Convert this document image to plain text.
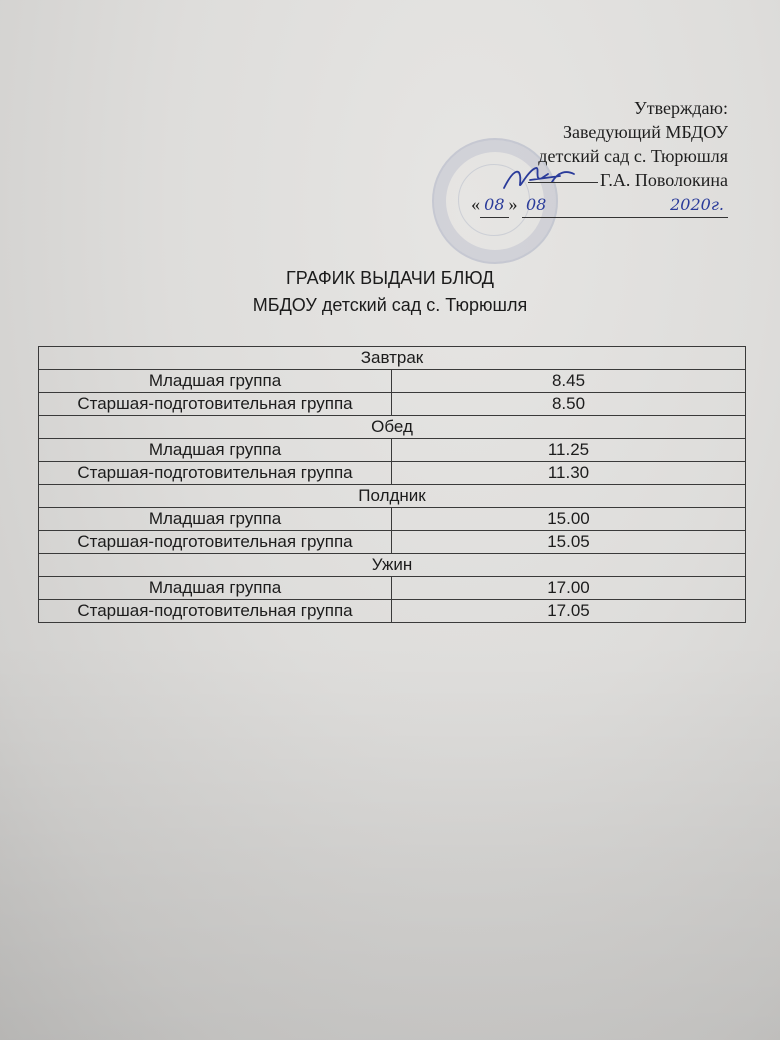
Утверждаю:
Заведующий МБДОУ
детский сад с. Тюрюшля
Г.А. Поволокина
« 08 » 08	2020г.
ГРАФИК ВЫДАЧИ БЛЮД
МБДОУ детский сад с. Тюрюшля
Завтрак	
Младшая группа	8.45
Старшая-подготовительная группа	8.50
Обед	
Младшая группа	11.25
Старшая-подготовительная группа	11.30
Полдник	
Младшая группа	15.00
Старшая-подготовительная группа	15.05
Ужин	
Младшая группа	17.00
Старшая-подготовительная группа	17.05
